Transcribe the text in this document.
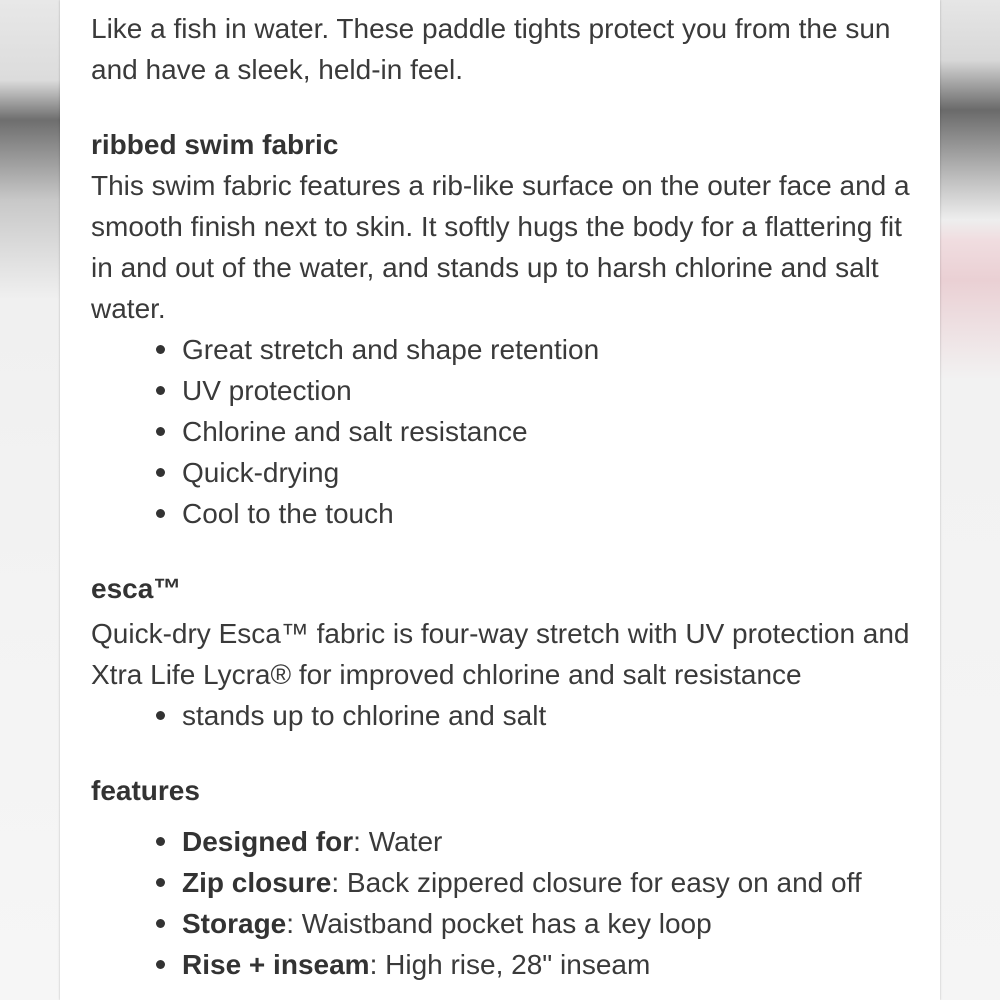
Like a fish in water. These paddle tights protect you from the sun and have a sleek, held-in feel.

ribbed swim fabric

This swim fabric features a rib-like surface on the outer face and a smooth finish next to skin. It softly hugs the body for a flattering fit in and out of the water, and stands up to harsh chlorine and salt water.

Great stretch and shape retention
UV protection
Chlorine and salt resistance
Quick-drying
Cool to the touch
esca™

Quick-dry Esca™ fabric is four-way stretch with UV protection and Xtra Life Lycra® for improved chlorine and salt resistance

stands up to chlorine and salt
features
Designed for: Water
Zip closure: Back zippered closure for easy on and off
Storage: Waistband pocket has a key loop
Rise + inseam: High rise, 28" inseam
